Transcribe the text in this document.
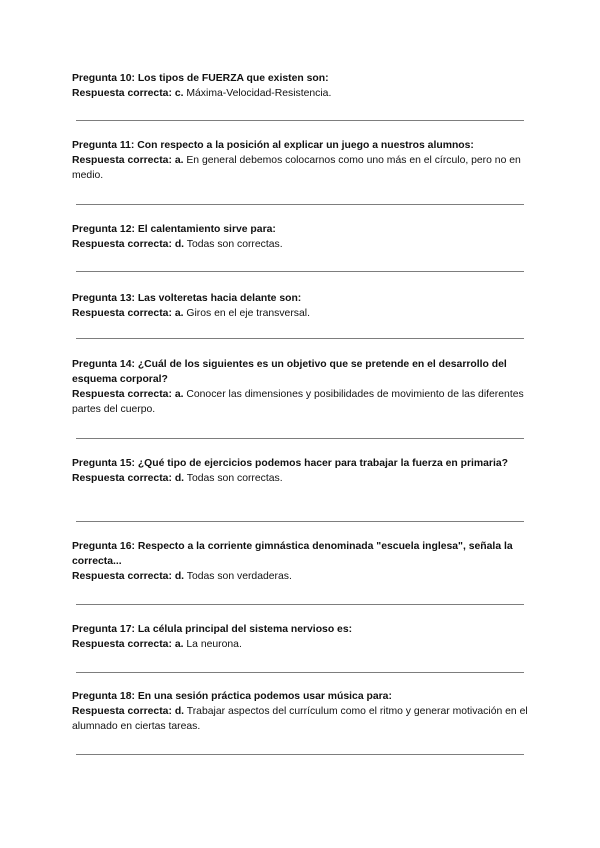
Pregunta 10: Los tipos de FUERZA que existen son:

Respuesta correcta: c. Máxima-Velocidad-Resistencia.

Pregunta 11: Con respecto a la posición al explicar un juego a nuestros alumnos:

Respuesta correcta: a. En general debemos colocarnos como uno más en el círculo, pero no en medio.

Pregunta 12: El calentamiento sirve para:

Respuesta correcta: d. Todas son correctas.

Pregunta 13: Las volteretas hacia delante son:

Respuesta correcta: a. Giros en el eje transversal.

Pregunta 14: ¿Cuál de los siguientes es un objetivo que se pretende en el desarrollo del esquema corporal?

Respuesta correcta: a. Conocer las dimensiones y posibilidades de movimiento de las diferentes partes del cuerpo.

Pregunta 15: ¿Qué tipo de ejercicios podemos hacer para trabajar la fuerza en primaria?

Respuesta correcta: d. Todas son correctas.

Pregunta 16: Respecto a la corriente gimnástica denominada "escuela inglesa", señala la correcta...

Respuesta correcta: d. Todas son verdaderas.

Pregunta 17: La célula principal del sistema nervioso es:

Respuesta correcta: a. La neurona.

Pregunta 18: En una sesión práctica podemos usar música para:

Respuesta correcta: d. Trabajar aspectos del currículum como el ritmo y generar motivación en el alumnado en ciertas tareas.
